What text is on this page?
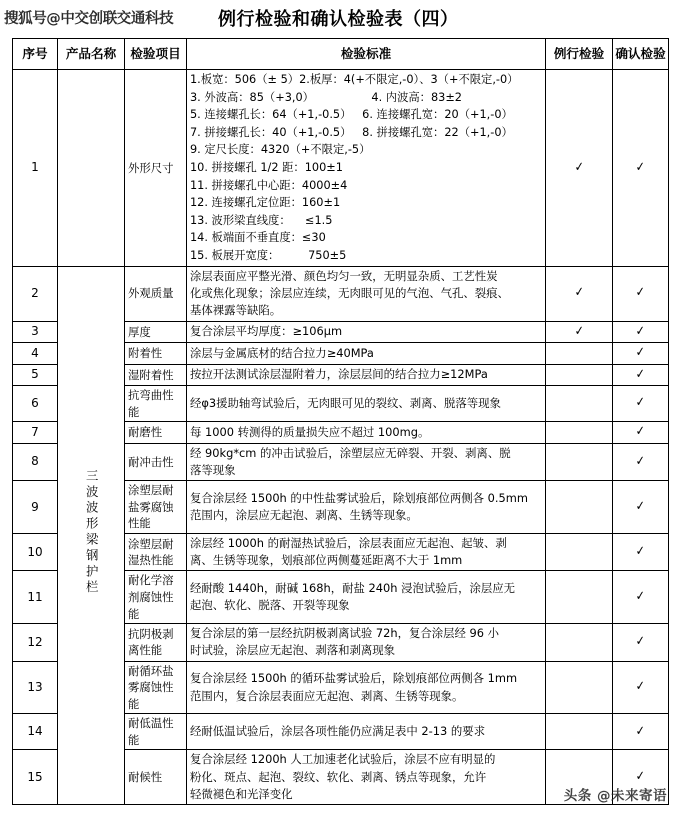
搜狐号@中交创联交通科技 例行检验和确认检验表（四）
序号	产品名称	检验项目	检验标准	例行检验	确认检验
1		外形尺寸	
1.板宽：506（± 5）2.板厚：4(+不限定,-0）、3（+不限定,-0）
3. 外波高：85（+3,0）                4. 内波高：83±2
5. 连接螺孔长：64（+1,-0.5）   6. 连接螺孔宽：20（+1,-0）
7. 拼接螺孔长：40（+1,-0.5）   8. 拼接螺孔宽：22（+1,-0）
9. 定尺长度：4320（+不限定,-5）
10. 拼接螺孔 1/2 距：100±1
11. 拼接螺孔中心距：4000±4
12. 连接螺孔定位距：160±1
13. 波形梁直线度：    ≤1.5
14. 板端面不垂直度：≤30
15. 板展开宽度：        750±5
	✓	✓
2	三波波形梁钢护栏	外观质量	涂层表面应平整光滑、颜色均匀一致，无明显杂质、工艺性炭
化或焦化现象；涂层应连续，无肉眼可见的气泡、气孔、裂痕、
基体裸露等缺陷。	✓	✓
3		厚度	复合涂层平均厚度：≥106μm	✓	✓
4		附着性	涂层与金属底材的结合拉力≥40MPa		✓
5		湿附着性	按拉开法测试涂层湿附着力，涂层层间的结合拉力≥12MPa		✓
6		抗弯曲性能	经φ3援助轴弯试验后，无肉眼可见的裂纹、剥离、脱落等现象		✓
7		耐磨性	每 1000 转测得的质量损失应不超过 100mg。		✓
8		耐冲击性	经 90kg*cm 的冲击试验后，涂塑层应无碎裂、开裂、剥离、脱
落等现象		✓
9		涂塑层耐盐雾腐蚀性能	复合涂层经 1500h 的中性盐雾试验后，除划痕部位两侧各 0.5mm
范围内，涂层应无起泡、剥离、生锈等现象。		✓
10		涂塑层耐湿热性能	涂层经 1000h 的耐湿热试验后，涂层表面应无起泡、起皱、剥
离、生锈等现象，划痕部位两侧蔓延距离不大于 1mm		✓
11		耐化学溶剂腐蚀性能	经耐酸 1440h，耐碱 168h，耐盐 240h 浸泡试验后，涂层应无
起泡、软化、脱落、开裂等现象		✓
12		抗阴极剥离性能	复合涂层的第一层经抗阴极剥离试验 72h，复合涂层经 96 小
时试验，涂层应无起泡、剥落和剥离现象		✓
13		耐循环盐雾腐蚀性能	复合涂层经 1500h 的循环盐雾试验后，除划痕部位两侧各 1mm
范围内，复合涂层表面应无起泡、剥离、生锈等现象。		✓
14		耐低温性能	经耐低温试验后，涂层各项性能仍应满足表中 2-13 的要求		✓
15		耐候性	复合涂层经 1200h 人工加速老化试验后，涂层不应有明显的
粉化、斑点、起泡、裂纹、软化、剥离、锈点等现象，允许
轻微褪色和光泽变化		✓
头条 @未来寄语
